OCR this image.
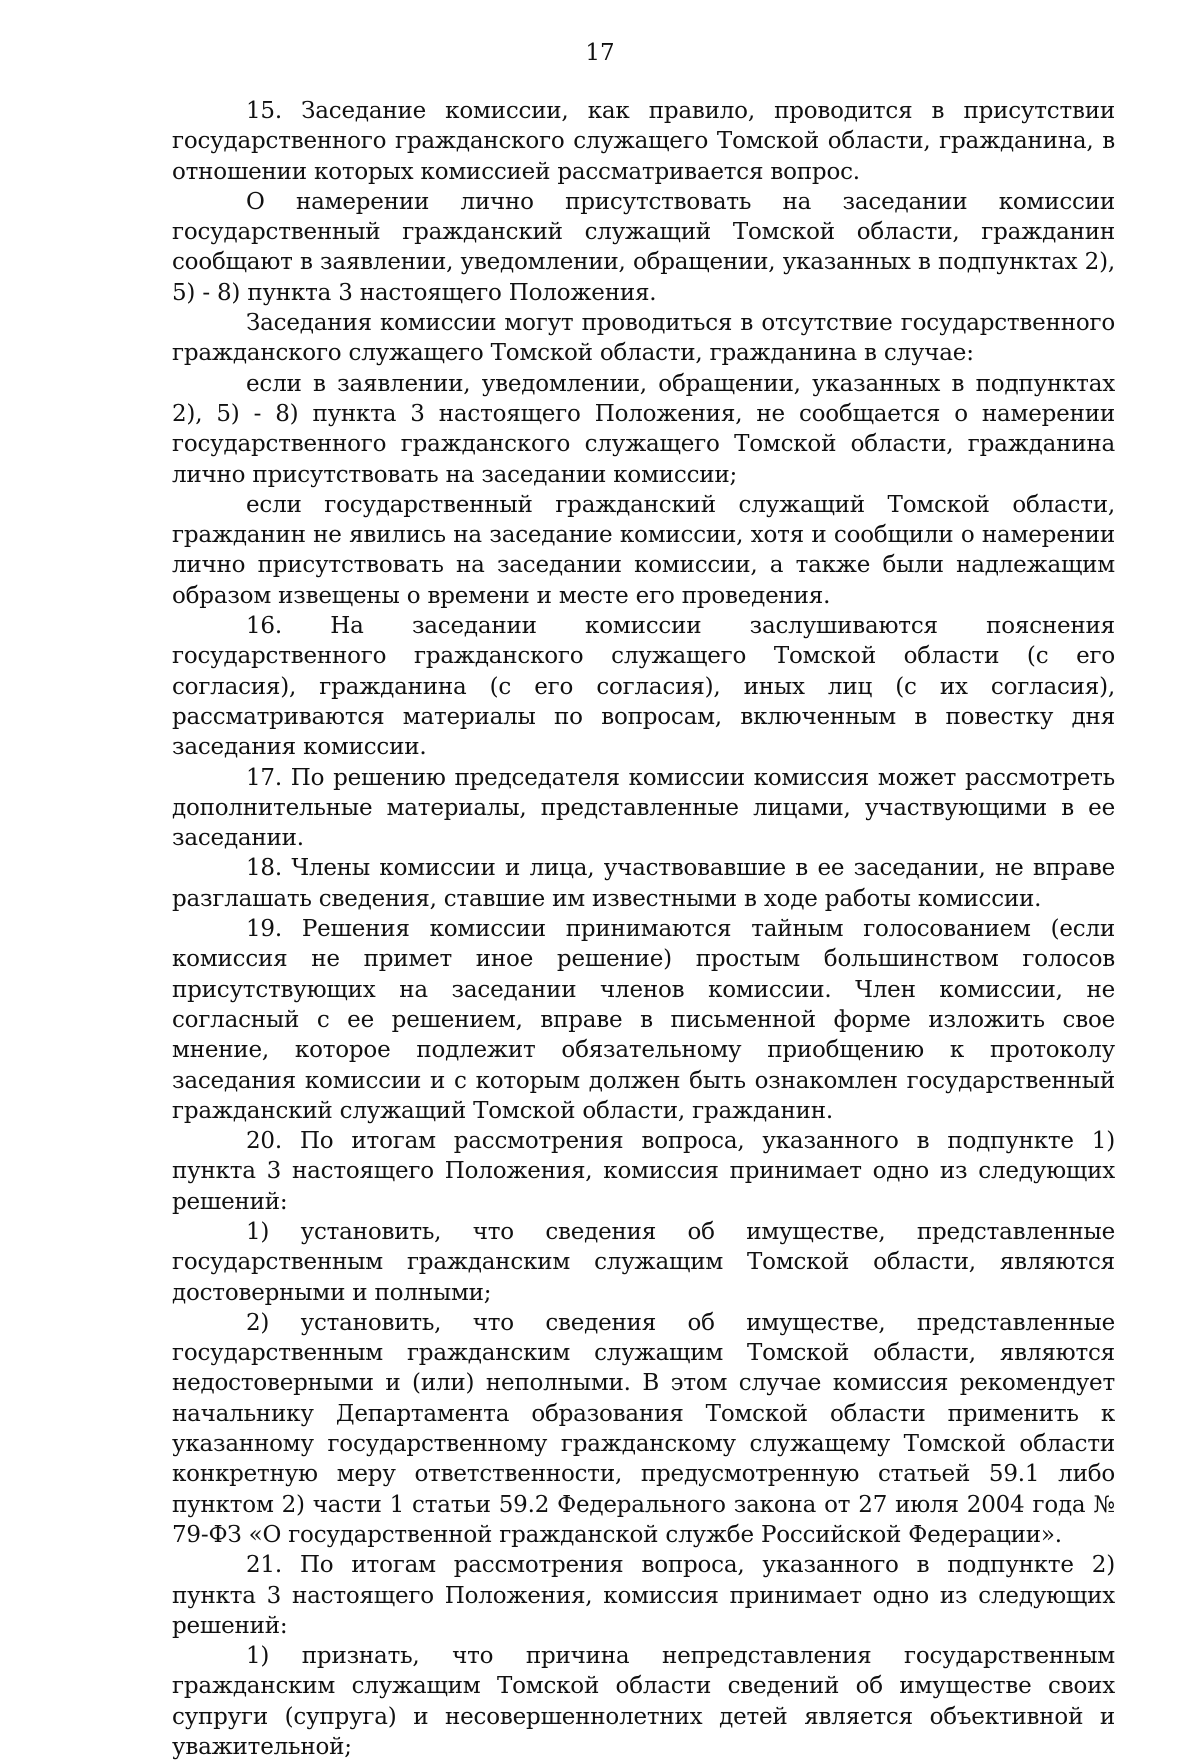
17

15. Заседание комиссии, как правило, проводится в присутствии государственного гражданского служащего Томской области, гражданина, в отношении которых комиссией рассматривается вопрос.

О намерении лично присутствовать на заседании комиссии государственный гражданский служащий Томской области, гражданин сообщают в заявлении, уведомлении, обращении, указанных в подпунктах 2), 5) - 8) пункта 3 настоящего Положения.

Заседания комиссии могут проводиться в отсутствие государственного гражданского служащего Томской области, гражданина в случае:

если в заявлении, уведомлении, обращении, указанных в подпунктах 2), 5) - 8) пункта 3 настоящего Положения, не сообщается о намерении государственного гражданского служащего Томской области, гражданина лично присутствовать на заседании комиссии;

если государственный гражданский служащий Томской области, гражданин не явились на заседание комиссии, хотя и сообщили о намерении лично присутствовать на заседании комиссии, а также были надлежащим образом извещены о времени и месте его проведения.

16. На заседании комиссии заслушиваются пояснения государственного гражданского служащего Томской области (с его согласия), гражданина (с его согласия), иных лиц (с их согласия), рассматриваются материалы по вопросам, включенным в повестку дня заседания комиссии.

17. По решению председателя комиссии комиссия может рассмотреть дополнительные материалы, представленные лицами, участвующими в ее заседании.

18. Члены комиссии и лица, участвовавшие в ее заседании, не вправе разглашать сведения, ставшие им известными в ходе работы комиссии.

19. Решения комиссии принимаются тайным голосованием (если комиссия не примет иное решение) простым большинством голосов присутствующих на заседании членов комиссии. Член комиссии, не согласный с ее решением, вправе в письменной форме изложить свое мнение, которое подлежит обязательному приобщению к протоколу заседания комиссии и с которым должен быть ознакомлен государственный гражданский служащий Томской области, гражданин.

20. По итогам рассмотрения вопроса, указанного в подпункте 1) пункта 3 настоящего Положения, комиссия принимает одно из следующих решений:

1) установить, что сведения об имуществе, представленные государственным гражданским служащим Томской области, являются достоверными и полными;

2) установить, что сведения об имуществе, представленные государственным гражданским служащим Томской области, являются недостоверными и (или) неполными. В этом случае комиссия рекомендует начальнику Департамента образования Томской области применить к указанному государственному гражданскому служащему Томской области конкретную меру ответственности, предусмотренную статьей 59.1 либо пунктом 2) части 1 статьи 59.2 Федерального закона от 27 июля 2004 года № 79-ФЗ «О государственной гражданской службе Российской Федерации».

21. По итогам рассмотрения вопроса, указанного в подпункте 2) пункта 3 настоящего Положения, комиссия принимает одно из следующих решений:

1) признать, что причина непредставления государственным гражданским служащим Томской области сведений об имуществе своих супруги (супруга) и несовершеннолетних детей является объективной и уважительной;
